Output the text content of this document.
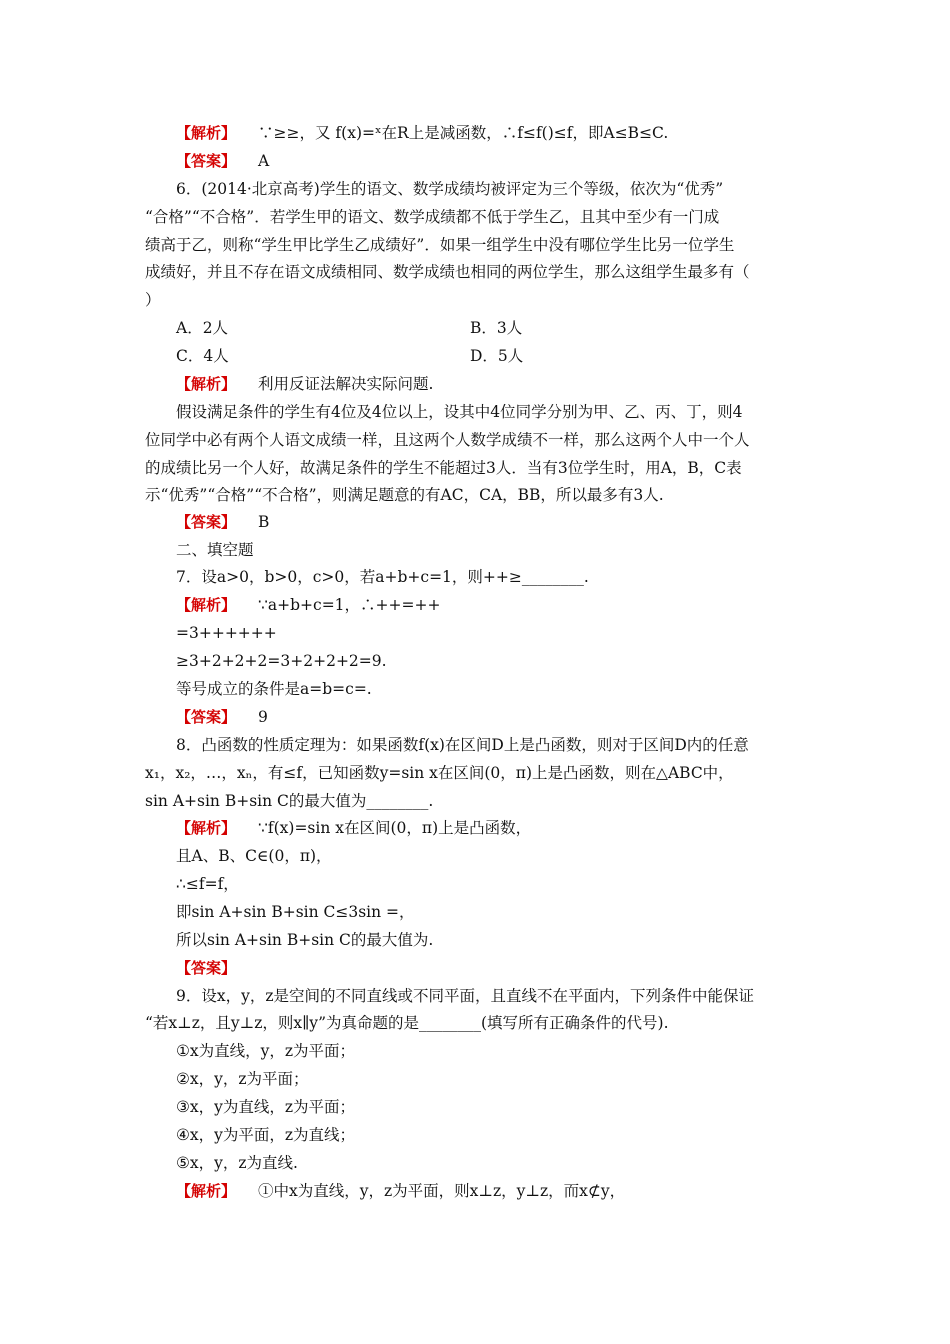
【解析】 ∵≥≥，又 f(x)=ˣ在R上是减函数，∴f≤f()≤f，即A≤B≤C.
【答案】 A
6．(2014·北京高考)学生的语文、数学成绩均被评定为三个等级，依次为“优秀”
“合格”“不合格”．若学生甲的语文、数学成绩都不低于学生乙，且其中至少有一门成
绩高于乙，则称“学生甲比学生乙成绩好”．如果一组学生中没有哪位学生比另一位学生
成绩好，并且不存在语文成绩相同、数学成绩也相同的两位学生，那么这组学生最多有（
）
A．2人	B．3人
C．4人	D．5人
【解析】 利用反证法解决实际问题.
假设满足条件的学生有4位及4位以上，设其中4位同学分别为甲、乙、丙、丁，则4
位同学中必有两个人语文成绩一样，且这两个人数学成绩不一样，那么这两个人中一个人
的成绩比另一个人好，故满足条件的学生不能超过3人．当有3位学生时，用A，B，C表
示“优秀”“合格”“不合格”，则满足题意的有AC，CA，BB，所以最多有3人.
【答案】 B
二、填空题
7．设a>0，b>0，c>0，若a+b+c=1，则++≥________.
【解析】 ∵a+b+c=1，∴++=++
=3++++++
≥3+2+2+2=3+2+2+2=9.
等号成立的条件是a=b=c=.
【答案】 9
8．凸函数的性质定理为：如果函数f(x)在区间D上是凸函数，则对于区间D内的任意
x₁，x₂，…，xₙ，有≤f，已知函数y=sin x在区间(0，π)上是凸函数，则在△ABC中，
sin A+sin B+sin C的最大值为________.
【解析】 ∵f(x)=sin x在区间(0，π)上是凸函数，
且A、B、C∈(0，π)，
∴≤f=f，
即sin A+sin B+sin C≤3sin =，
所以sin A+sin B+sin C的最大值为.
【答案】
9．设x，y，z是空间的不同直线或不同平面，且直线不在平面内，下列条件中能保证
“若x⊥z，且y⊥z，则x∥y”为真命题的是________(填写所有正确条件的代号).
①x为直线，y，z为平面；
②x，y，z为平面；
③x，y为直线，z为平面；
④x，y为平面，z为直线；
⑤x，y，z为直线.
【解析】 ①中x为直线，y，z为平面，则x⊥z，y⊥z，而x⊄y，
